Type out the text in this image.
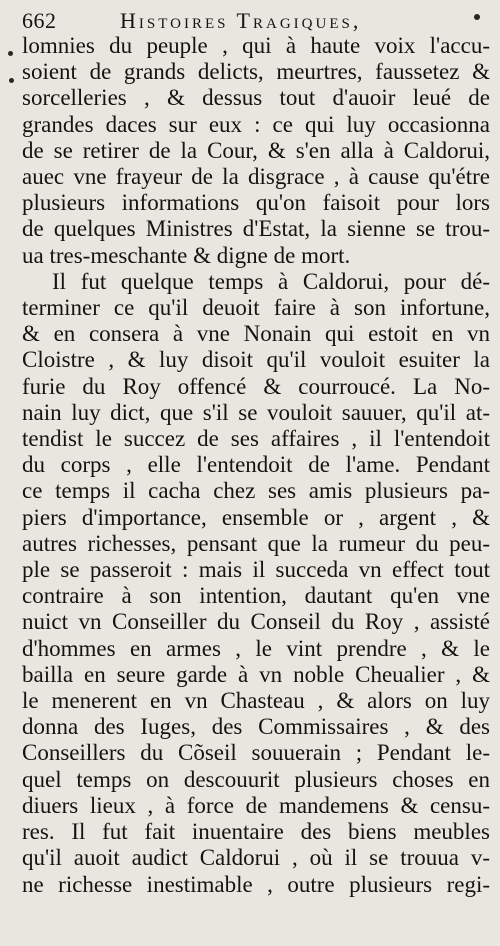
662	Histoires Tragiques,
lomnies du peuple , qui à haute voix l'accu-
soient de grands delicts, meurtres, faussetez &
sorcelleries , & dessus tout d'auoir leué de
grandes daces sur eux : ce qui luy occasionna
de se retirer de la Cour, & s'en alla à Caldorui,
auec vne frayeur de la disgrace , à cause qu'étre
plusieurs informations qu'on faisoit pour lors
de quelques Ministres d'Estat, la sienne se trou-
ua tres-meschante & digne de mort.
Il fut quelque temps à Caldorui, pour dé-
terminer ce qu'il deuoit faire à son infortune,
& en consera à vne Nonain qui estoit en vn
Cloistre , & luy disoit qu'il vouloit esuiter la
furie du Roy offencé & courroucé. La No-
nain luy dict, que s'il se vouloit sauuer, qu'il at-
tendist le succez de ses affaires , il l'entendoit
du corps , elle l'entendoit de l'ame. Pendant
ce temps il cacha chez ses amis plusieurs pa-
piers d'importance, ensemble or , argent , &
autres richesses, pensant que la rumeur du peu-
ple se passeroit : mais il succeda vn effect tout
contraire à son intention, dautant qu'en vne
nuict vn Conseiller du Conseil du Roy , assisté
d'hommes en armes , le vint prendre , & le
bailla en seure garde à vn noble Cheualier , &
le menerent en vn Chasteau , & alors on luy
donna des Iuges, des Commissaires , & des
Conseillers du Cõseil souuerain ; Pendant le-
quel temps on descouurit plusieurs choses en
diuers lieux , à force de mandemens & censu-
res. Il fut fait inuentaire des biens meubles
qu'il auoit audict Caldorui , où il se trouua v-
ne richesse inestimable , outre plusieurs regi-
